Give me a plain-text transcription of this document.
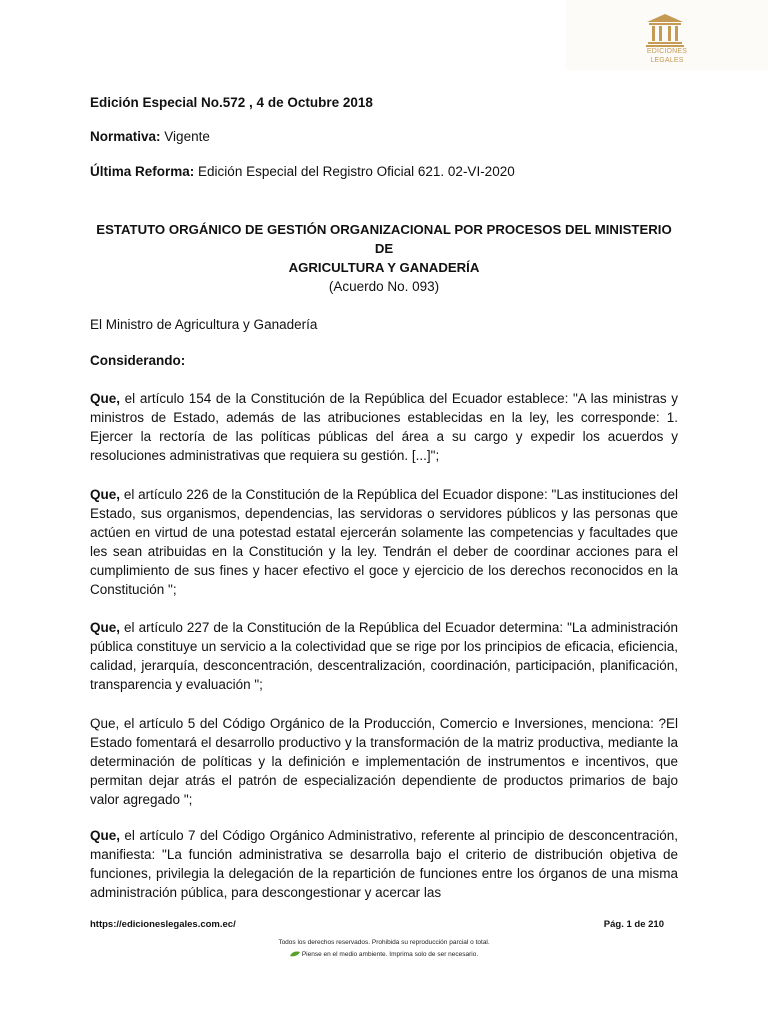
EDICIONES
LEGALES
Edición Especial No.572 , 4 de Octubre 2018
Normativa: Vigente
Última Reforma: Edición Especial del Registro Oficial 621. 02-VI-2020

ESTATUTO ORGÁNICO DE GESTIÓN ORGANIZACIONAL POR PROCESOS DEL MINISTERIO DE

AGRICULTURA Y GANADERÍA

(Acuerdo No. 093)

El Ministro de Agricultura y Ganadería
Considerando:
Que, el artículo 154 de la Constitución de la República del Ecuador establece: "A las ministras y ministros de Estado, además de las atribuciones establecidas en la ley, les corresponde: 1. Ejercer la rectoría de las políticas públicas del área a su cargo y expedir los acuerdos y resoluciones administrativas que requiera su gestión. [...]";
Que, el artículo 226 de la Constitución de la República del Ecuador dispone: "Las instituciones del Estado, sus organismos, dependencias, las servidoras o servidores públicos y las personas que actúen en virtud de una potestad estatal ejercerán solamente las competencias y facultades que les sean atribuidas en la Constitución y la ley. Tendrán el deber de coordinar acciones para el cumplimiento de sus fines y hacer efectivo el goce y ejercicio de los derechos reconocidos en la Constitución ";
Que, el artículo 227 de la Constitución de la República del Ecuador determina: "La administración pública constituye un servicio a la colectividad que se rige por los principios de eficacia, eficiencia, calidad, jerarquía, desconcentración, descentralización, coordinación, participación, planificación, transparencia y evaluación ";
Que, el artículo 5 del Código Orgánico de la Producción, Comercio e Inversiones, menciona: ?El Estado fomentará el desarrollo productivo y la transformación de la matriz productiva, mediante la determinación de políticas y la definición e implementación de instrumentos e incentivos, que permitan dejar atrás el patrón de especialización dependiente de productos primarios de bajo valor agregado ";
Que, el artículo 7 del Código Orgánico Administrativo, referente al principio de desconcentración, manifiesta: "La función administrativa se desarrolla bajo el criterio de distribución objetiva de funciones, privilegia la delegación de la repartición de funciones entre los órganos de una misma administración pública, para descongestionar y acercar las
https://edicioneslegales.com.ec/	Pág. 1 de 210
Todos los derechos reservados. Prohibida su reproducción parcial o total.
Piense en el medio ambiente. Imprima solo de ser necesario.
